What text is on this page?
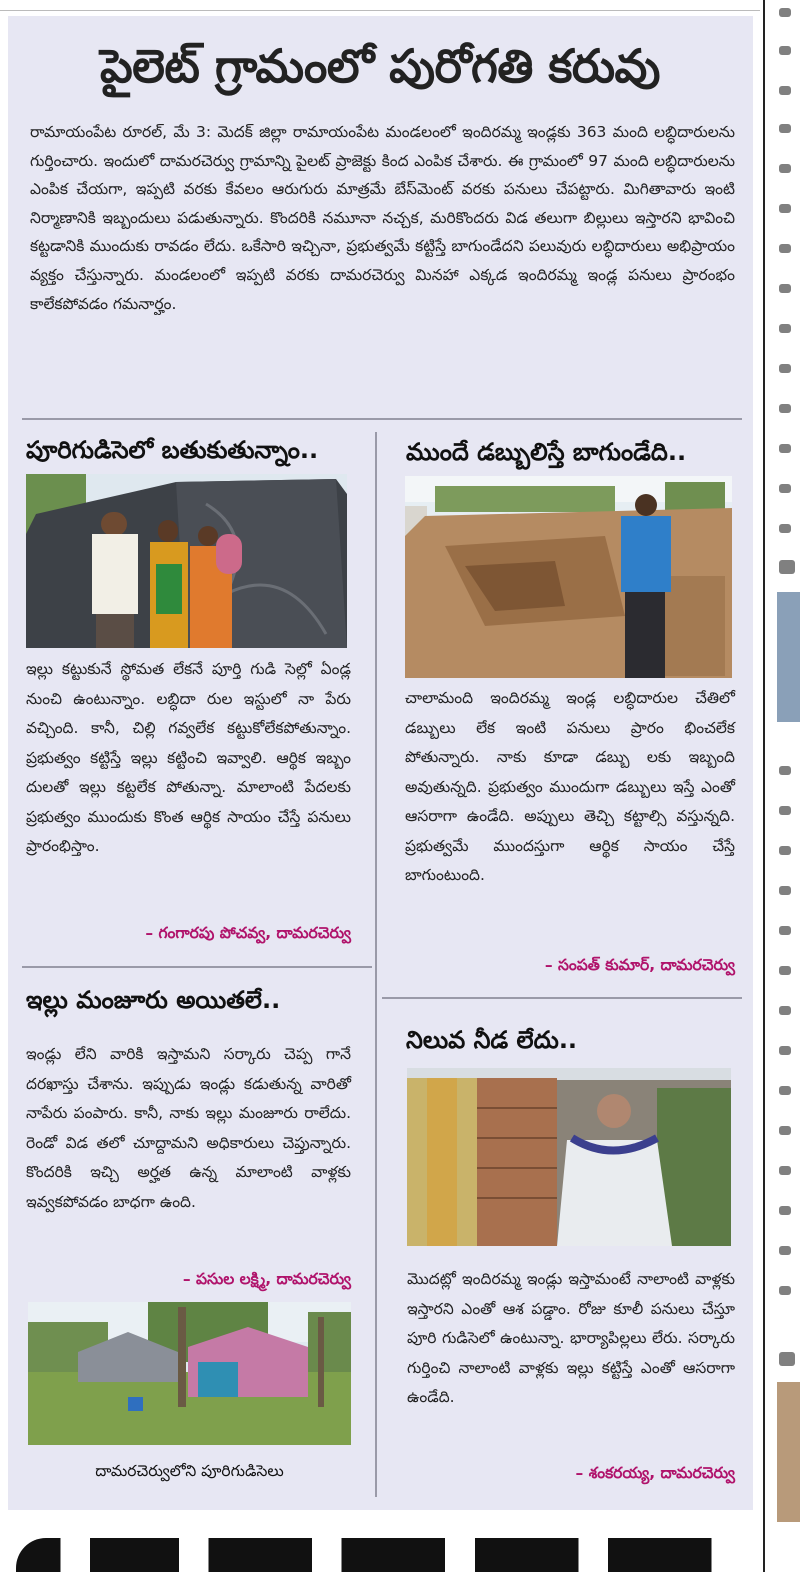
పైలెట్ గ్రామంలో పురోగతి కరువు
రామాయంపేట రూరల్, మే 3: మెదక్ జిల్లా రామాయంపేట మండలంలో ఇందిరమ్మ ఇండ్లకు 363 మంది లబ్ధిదారులను గుర్తించారు. ఇందులో దామరచెర్వు గ్రామాన్ని పైలట్ ప్రాజెక్టు కింద ఎంపిక చేశారు. ఈ గ్రామంలో 97 మంది లబ్ధిదారులను ఎంపిక చేయగా, ఇప్పటి వరకు కేవలం ఆరుగురు మాత్రమే బేస్‌మెంట్ వరకు పనులు చేపట్టారు. మిగితావారు ఇంటి నిర్మాణానికి ఇబ్బందులు పడుతున్నారు. కొందరికి నమూనా నచ్చక, మరికొందరు విడ తలుగా బిల్లులు ఇస్తారని భావించి కట్టడానికి ముందుకు రావడం లేదు. ఒకేసారి ఇచ్చినా, ప్రభుత్వమే కట్టిస్తే బాగుండేదని పలువురు లబ్ధిదారులు అభిప్రాయం వ్యక్తం చేస్తున్నారు. మండలంలో ఇప్పటి వరకు దామరచెర్వు మినహా ఎక్కడ ఇందిరమ్మ ఇండ్ల పనులు ప్రారంభం కాలేకపోవడం గమనార్హం.
పూరిగుడిసెలో బతుకుతున్నాం..
ఇల్లు కట్టుకునే స్థోమత లేకనే పూర్తి గుడి సెల్లో ఏండ్ల నుంచి ఉంటున్నాం. లబ్ధిదా రుల ఇస్టులో నా పేరు వచ్చింది. కానీ, చిల్లి గవ్వలేక కట్టుకోలేకపోతున్నాం. ప్రభుత్వం కట్టిస్తే ఇల్లు కట్టించి ఇవ్వాలి. ఆర్థిక ఇబ్బం దులతో ఇల్లు కట్టలేక పోతున్నా. మాలాంటి పేదలకు ప్రభుత్వం ముందుకు కొంత ఆర్థిక సాయం చేస్తే పనులు ప్రారంభిస్తాం.
– గంగారపు పోచవ్వ, దామరచెర్వు
ముందే డబ్బులిస్తే బాగుండేది..
చాలామంది ఇందిరమ్మ ఇండ్ల లబ్ధిదారుల చేతిలో డబ్బులు లేక ఇంటి పనులు ప్రారం భించలేక పోతున్నారు. నాకు కూడా డబ్బు లకు ఇబ్బంది అవుతున్నది. ప్రభుత్వం ముందుగా డబ్బులు ఇస్తే ఎంతో ఆసరాగా ఉండేది. అప్పులు తెచ్చి కట్టాల్సి వస్తున్నది. ప్రభుత్వమే ముందస్తుగా ఆర్థిక సాయం చేస్తే బాగుంటుంది.
– సంపత్ కుమార్, దామరచెర్వు
ఇల్లు మంజూరు అయితలే..
ఇండ్లు లేని వారికి ఇస్తామని సర్కారు చెప్ప గానే దరఖాస్తు చేశాను. ఇప్పుడు ఇండ్లు కడుతున్న వారితో నాపేరు పంపారు. కానీ, నాకు ఇల్లు మంజూరు రాలేదు. రెండో విడ తలో చూద్దామని అధికారులు చెప్తున్నారు. కొందరికి ఇచ్చి అర్హత ఉన్న మాలాంటి వాళ్లకు ఇవ్వకపోవడం బాధగా ఉంది.
– పసుల లక్ష్మి, దామరచెర్వు
దామరచెర్వులోని పూరిగుడిసెలు
నిలువ నీడ లేదు..
మొదట్లో ఇందిరమ్మ ఇండ్లు ఇస్తామంటే నాలాంటి వాళ్లకు ఇస్తారని ఎంతో ఆశ పడ్డాం. రోజు కూలీ పనులు చేస్తూ పూరి గుడిసెలో ఉంటున్నా. భార్యాపిల్లలు లేరు. సర్కారు గుర్తించి నాలాంటి వాళ్లకు ఇల్లు కట్టిస్తే ఎంతో ఆసరాగా ఉండేది.
– శంకరయ్య, దామరచెర్వు
